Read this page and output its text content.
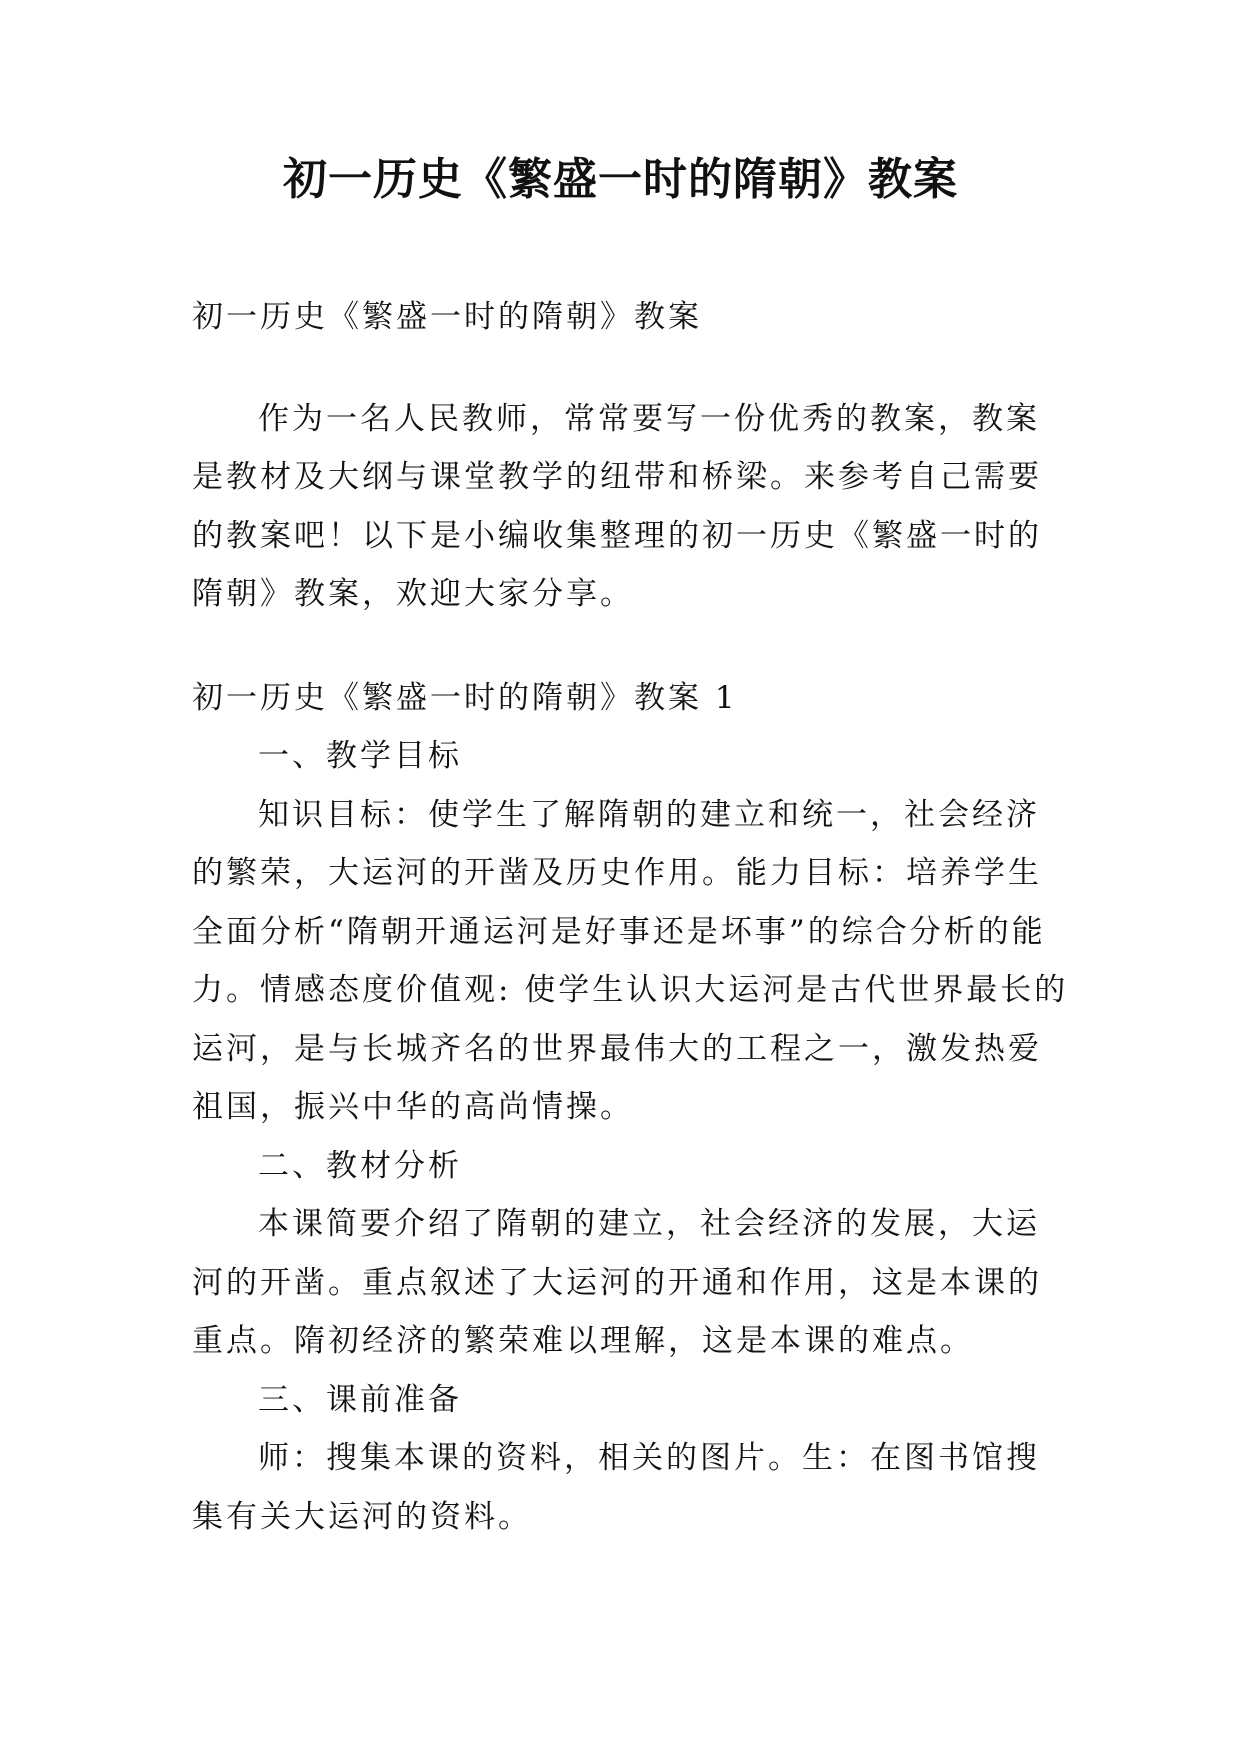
初一历史《繁盛一时的隋朝》教案

初一历史《繁盛一时的隋朝》教案

作为一名人民教师，常常要写一份优秀的教案，教案是教材及大纲与课堂教学的纽带和桥梁。来参考自己需要的教案吧！以下是小编收集整理的初一历史《繁盛一时的隋朝》教案，欢迎大家分享。

初一历史《繁盛一时的隋朝》教案 1

一、教学目标

知识目标：使学生了解隋朝的建立和统一，社会经济的繁荣，大运河的开凿及历史作用。能力目标：培养学生全面分析“隋朝开通运河是好事还是坏事”的综合分析的能力。情感态度价值观: 使学生认识大运河是古代世界最长的运河，是与长城齐名的世界最伟大的工程之一，激发热爱祖国，振兴中华的高尚情操。

二、教材分析

本课简要介绍了隋朝的建立，社会经济的发展，大运河的开凿。重点叙述了大运河的开通和作用，这是本课的重点。隋初经济的繁荣难以理解，这是本课的难点。

三、课前准备

师：搜集本课的资料，相关的图片。生：在图书馆搜集有关大运河的资料。
